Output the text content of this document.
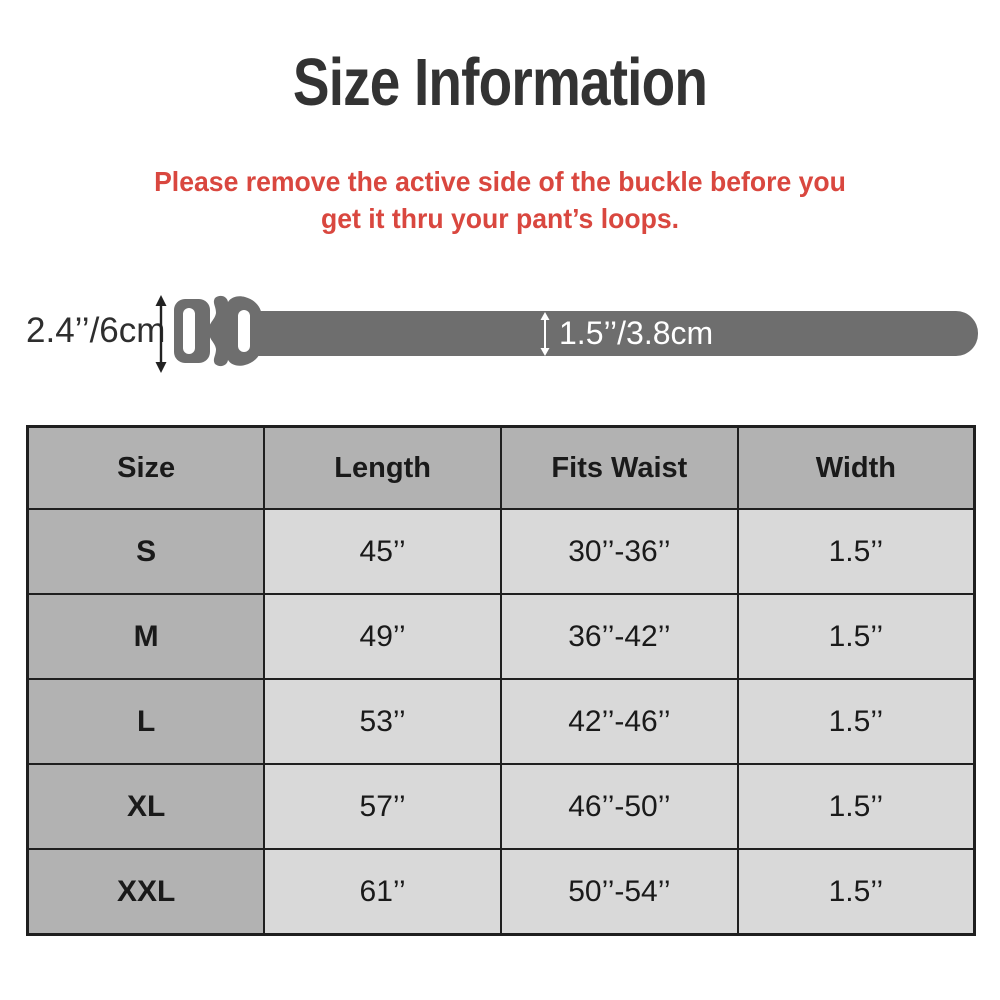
Size Information
Please remove the active side of the buckle before you
get it thru your pant’s loops.
2.4’’/6cm	1.5’’/3.8cm
Size	Length	Fits Waist	Width
S	45’’	30’’-36’’	1.5’’
M	49’’	36’’-42’’	1.5’’
L	53’’	42’’-46’’	1.5’’
XL	57’’	46’’-50’’	1.5’’
XXL	61’’	50’’-54’’	1.5’’
